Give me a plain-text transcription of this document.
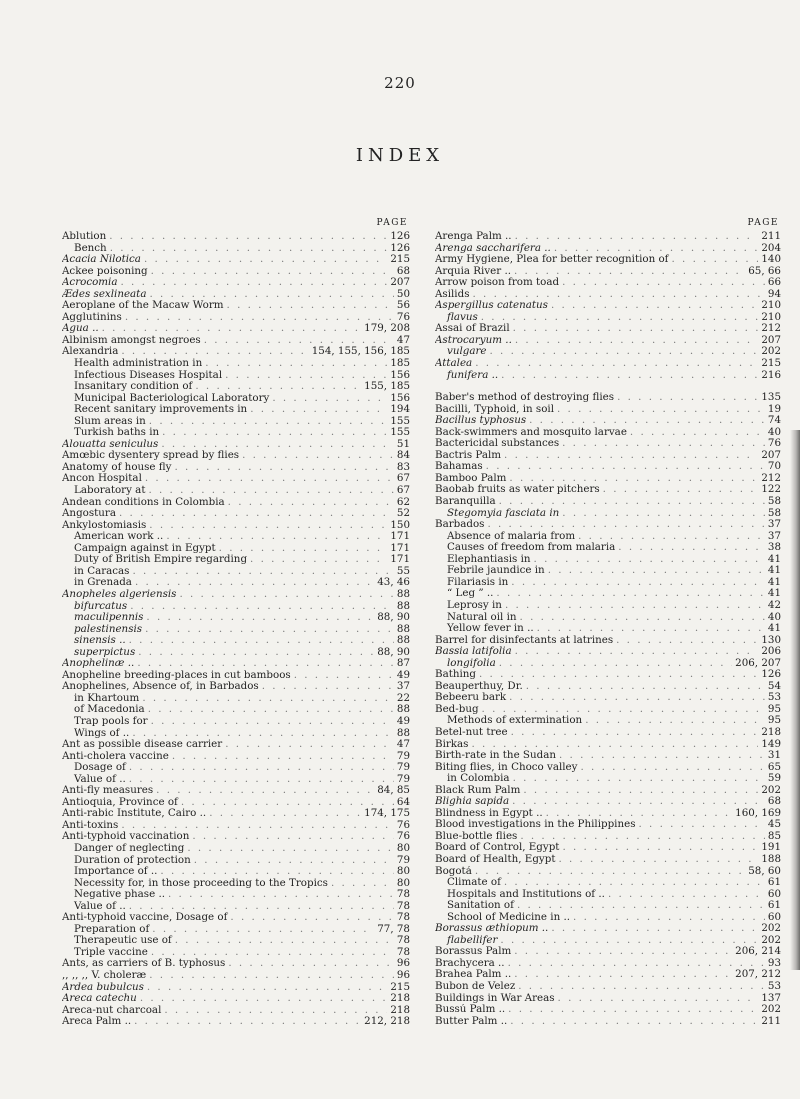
220
INDEX
PAGE
Ablution . . .	126
Bench . . .	126
Acacia Nilotica . . .	215
Ackee poisoning . . .	68
Acrocomia . . .	207
Ædes sexlineata . . .	50
Aeroplane of the Macaw Worm . . .	56
Agglutinins . . .	76
Agua .. . . .	179, 208
Albinism amongst negroes . . .	47
Alexandria . . .	154, 155, 156, 185
Health administration in . . .	185
Infectious Diseases Hospital . . .	156
Insanitary condition of . . .	155, 185
Municipal Bacteriological Laboratory . . .	156
Recent sanitary improvements in . . .	194
Slum areas in . . .	155
Turkish baths in . . .	155
Alouatta seniculus . . .	51
Amœbic dysentery spread by flies . . .	84
Anatomy of house fly . . .	83
Ancon Hospital . . .	67
Laboratory at . . .	67
Andean conditions in Colombia . . .	62
Angostura . . .	52
Ankylostomiasis . . .	150
American work .. . . .	171
Campaign against in Egypt . . .	171
Duty of British Empire regarding . . .	171
in Caracas . . .	55
in Grenada . . .	43, 46
Anopheles algeriensis . . .	88
bifurcatus . . .	88
maculipennis . . .	88, 90
palestinensis . . .	88
sinensis .. . . .	88
superpictus . . .	88, 90
Anophelinæ .. . . .	87
Anopheline breeding-places in cut bamboos . . .	49
Anophelines, Absence of, in Barbados . . .	37
in Khartoum . . .	22
of Macedonia . . .	88
Trap pools for . . .	49
Wings of .. . . .	88
Ant as possible disease carrier . . .	47
Anti-cholera vaccine . . .	79
Dosage of . . .	79
Value of .. . . .	79
Anti-fly measures . . .	84, 85
Antioquia, Province of . . .	64
Anti-rabic Institute, Cairo .. . . .	174, 175
Anti-toxins . . .	76
Anti-typhoid vaccination . . .	76
Danger of neglecting . . .	80
Duration of protection . . .	79
Importance of .. . . .	80
Necessity for, in those proceeding to the Tropics . . .	80
Negative phase .. . . .	78
Value of .. . . .	78
Anti-typhoid vaccine, Dosage of . . .	78
Preparation of . . .	77, 78
Therapeutic use of . . .	78
Triple vaccine . . .	78
Ants, as carriers of B. typhosus . . .	96
,, ,, ,, V. choleræ . . .	96
Ardea bubulcus . . .	215
Areca catechu . . .	218
Areca-nut charcoal . . .	218
Areca Palm .. . . .	212, 218
PAGE
Arenga Palm .. . . .	211
Arenga saccharifera .. . . .	204
Army Hygiene, Plea for better recognition of . . .	140
Arquia River .. . . .	65, 66
Arrow poison from toad . . .	66
Asilids . . .	94
Aspergillus catenatus . . .	210
flavus . . .	210
Assai of Brazil . . .	212
Astrocaryum .. . . .	207
vulgare . . .	202
Attalea . . .	215
funifera .. . . .	216
Baber's method of destroying flies . . .	135
Bacilli, Typhoid, in soil . . .	19
Bacillus typhosus . . .	74
Back-swimmers and mosquito larvae . . .	40
Bactericidal substances . . .	76
Bactris Palm . . .	207
Bahamas . . .	70
Bamboo Palm . . .	212
Baobab fruits as water pitchers . . .	122
Baranquilla . . .	58
Stegomyia fasciata in . . .	58
Barbados . . .	37
Absence of malaria from . . .	37
Causes of freedom from malaria . . .	38
Elephantiasis in . . .	41
Febrile jaundice in . . .	41
Filariasis in . . .	41
“ Leg ” .. . . .	41
Leprosy in . . .	42
Natural oil in . . .	40
Yellow fever in .. . . .	41
Barrel for disinfectants at latrines . . .	130
Bassia latifolia . . .	206
longifolia . . .	206, 207
Bathing . . .	126
Beauperthuy, Dr. . . .	54
Bebeeru bark . . .	53
Bed-bug . . .	95
Methods of extermination . . .	95
Betel-nut tree . . .	218
Birkas . . .	149
Birth-rate in the Sudan . . .	31
Biting flies, in Choco valley . . .	65
in Colombia . . .	59
Black Rum Palm . . .	202
Blighia sapida . . .	68
Blindness in Egypt .. . . .	160, 169
Blood investigations in the Philippines . . .	45
Blue-bottle flies . . .	85
Board of Control, Egypt . . .	191
Board of Health, Egypt . . .	188
Bogotá . . .	58, 60
Climate of . . .	61
Hospitals and Institutions of .. . . .	60
Sanitation of . . .	61
School of Medicine in .. . . .	60
Borassus æthiopum .. . . .	202
flabellifer . . .	202
Borassus Palm . . .	206, 214
Brachycera .. . . .	93
Brahea Palm .. . . .	207, 212
Bubon de Velez . . .	53
Buildings in War Areas . . .	137
Bussú Palm .. . . .	202
Butter Palm .. . . .	211
